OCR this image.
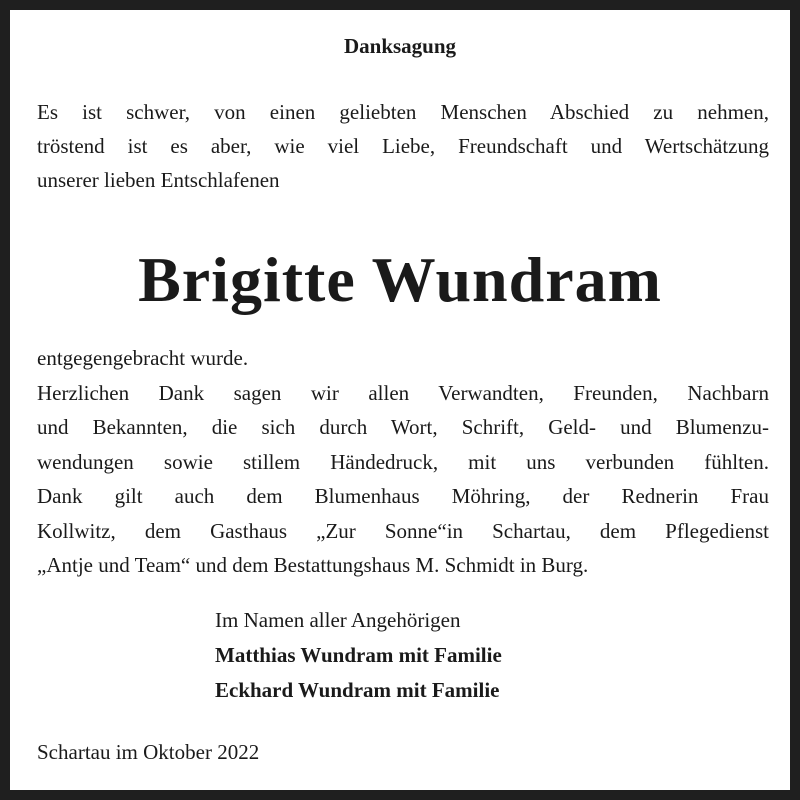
Danksagung
Es ist schwer, von einen geliebten Menschen Abschied zu nehmen,
tröstend ist es aber, wie viel Liebe, Freundschaft und Wertschätzung
unserer lieben Entschlafenen
Brigitte Wundram
entgegengebracht wurde.
Herzlichen Dank sagen wir allen Verwandten, Freunden, Nachbarn
und Bekannten, die sich durch Wort, Schrift, Geld- und Blumenzu-
wendungen sowie stillem Händedruck, mit uns verbunden fühlten.
Dank gilt auch dem Blumenhaus Möhring, der Rednerin Frau
Kollwitz, dem Gasthaus „Zur Sonne“in Schartau, dem Pflegedienst
„Antje und Team“ und dem Bestattungshaus M. Schmidt in Burg.
Im Namen aller Angehörigen
Matthias Wundram mit Familie
Eckhard Wundram mit Familie
Schartau im Oktober 2022
